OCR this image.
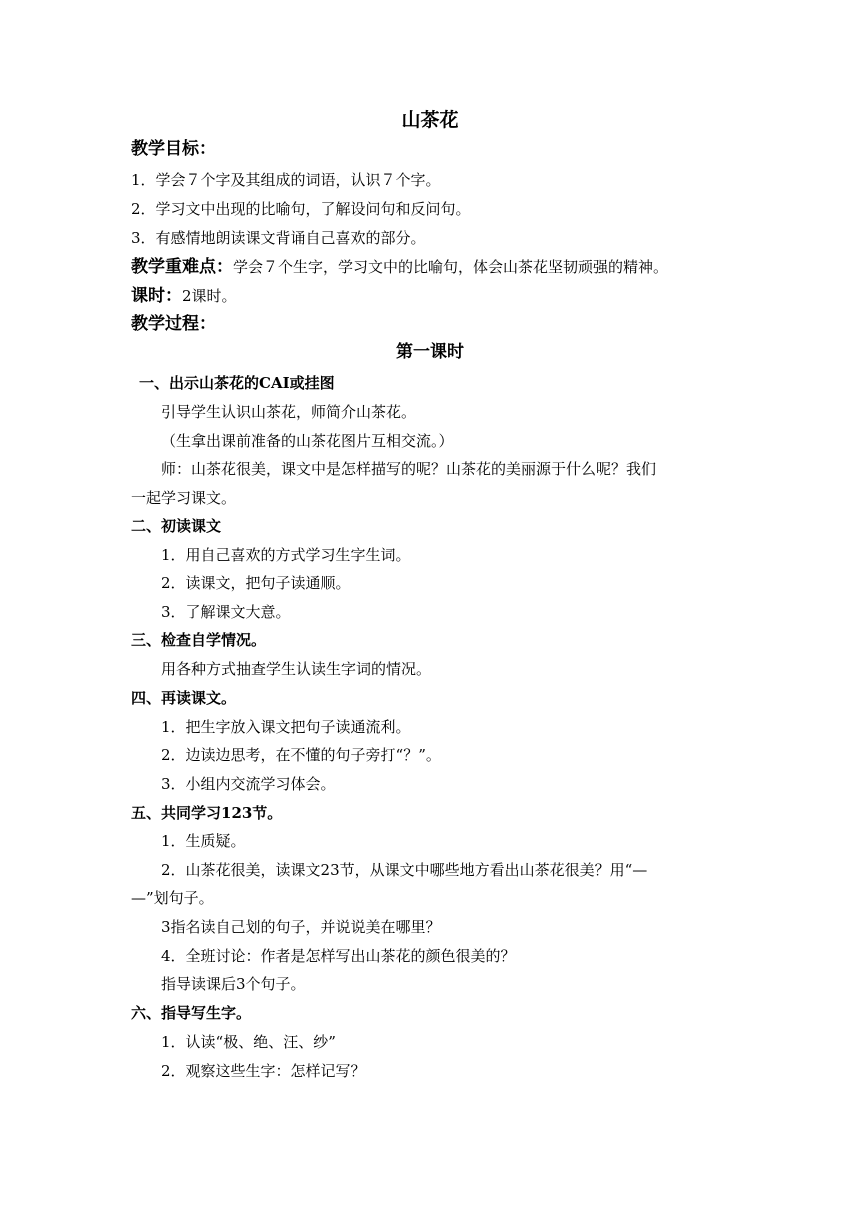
山茶花
教学目标：
1．学会７个字及其组成的词语，认识７个字。
2．学习文中出现的比喻句，了解设问句和反问句。
3．有感情地朗读课文背诵自己喜欢的部分。
教学重难点：学会７个生字，学习文中的比喻句，体会山茶花坚韧顽强的精神。
课时：2课时。
教学过程：
第一课时
一、出示山茶花的CAI或挂图
引导学生认识山茶花，师简介山茶花。
（生拿出课前准备的山茶花图片互相交流。）
师：山茶花很美，课文中是怎样描写的呢？山茶花的美丽源于什么呢？我们
一起学习课文。
二、初读课文
1．用自己喜欢的方式学习生字生词。
2．读课文，把句子读通顺。
3．了解课文大意。
三、检查自学情况。
用各种方式抽查学生认读生字词的情况。
四、再读课文。
1．把生字放入课文把句子读通流利。
2．边读边思考，在不懂的句子旁打“？”。
3．小组内交流学习体会。
五、共同学习123节。
1．生质疑。
2．山茶花很美，读课文23节，从课文中哪些地方看出山茶花很美？用“—
—”划句子。
3指名读自己划的句子，并说说美在哪里？
4．全班讨论：作者是怎样写出山茶花的颜色很美的？
指导读课后3个句子。
六、指导写生字。
1．认读“极、绝、汪、纱”
2．观察这些生字：怎样记写？
